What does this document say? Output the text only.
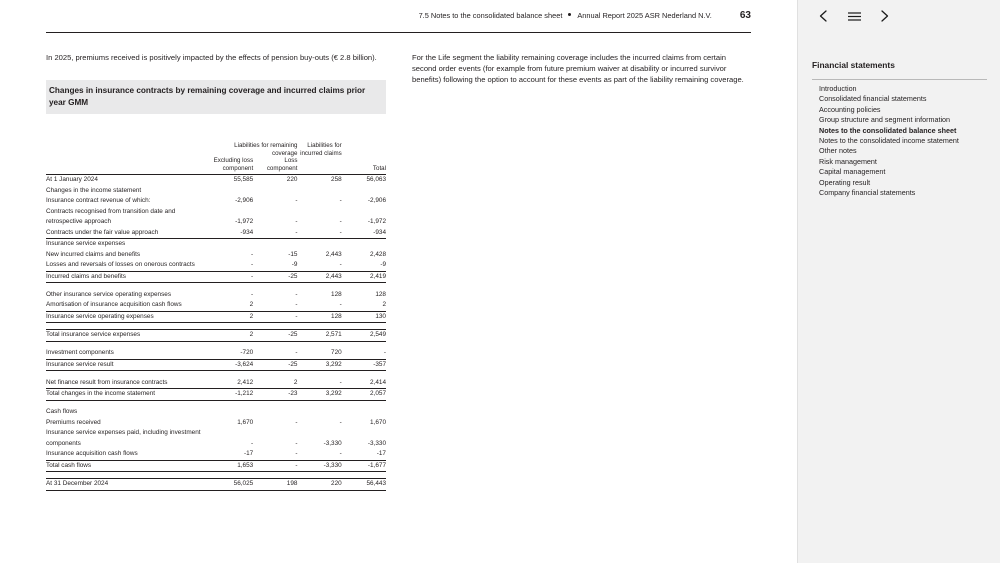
7.5 Notes to the consolidated balance sheet Annual Report 2025 ASR Nederland N.V.	63
In 2025, premiums received is positively impacted by the effects of pension buy-outs (€ 2.8 billion).	For the Life segment the liability remaining coverage includes the incurred claims from certain second order events (for example from future premium waiver at disability or incurred survivor benefits) following the option to account for these events as part of the liability remaining coverage.
Changes in insurance contracts by remaining coverage and incurred claims prior year GMM
	Liabilities for remaining coverage		Liabilities for incurred claims	
	Excluding loss component	Loss component		Total
At 1 January 2024	55,585	220	258	56,063
Changes in the income statement				
Insurance contract revenue of which:	-2,906	-	-	-2,906
Contracts recognised from transition date and retrospective approach	-1,972	-	-	-1,972
Contracts under the fair value approach	-934	-	-	-934
Insurance service expenses				
New incurred claims and benefits	-	-15	2,443	2,428
Losses and reversals of losses on onerous contracts	-	-9	-	-9
Incurred claims and benefits	-	-25	2,443	2,419

Other insurance service operating expenses	-	-	128	128
Amortisation of insurance acquisition cash flows	2	-	-	2
Insurance service operating expenses	2	-	128	130

Total insurance service expenses	2	-25	2,571	2,549

Investment components	-720	-	720	-
Insurance service result	-3,624	-25	3,292	-357

Net finance result from insurance contracts	2,412	2	-	2,414
Total changes in the income statement	-1,212	-23	3,292	2,057

Cash flows				
Premiums received	1,670	-	-	1,670
Insurance service expenses paid, including investment components	-	-	-3,330	-3,330
Insurance acquisition cash flows	-17	-	-	-17
Total cash flows	1,653	-	-3,330	-1,677

At 31 December 2024	56,025	198	220	56,443

Financial statements
Introduction
Consolidated financial statements
Accounting policies
Group structure and segment information
Notes to the consolidated balance sheet
Notes to the consolidated income statement
Other notes
Risk management
Capital management
Operating result
Company financial statements
